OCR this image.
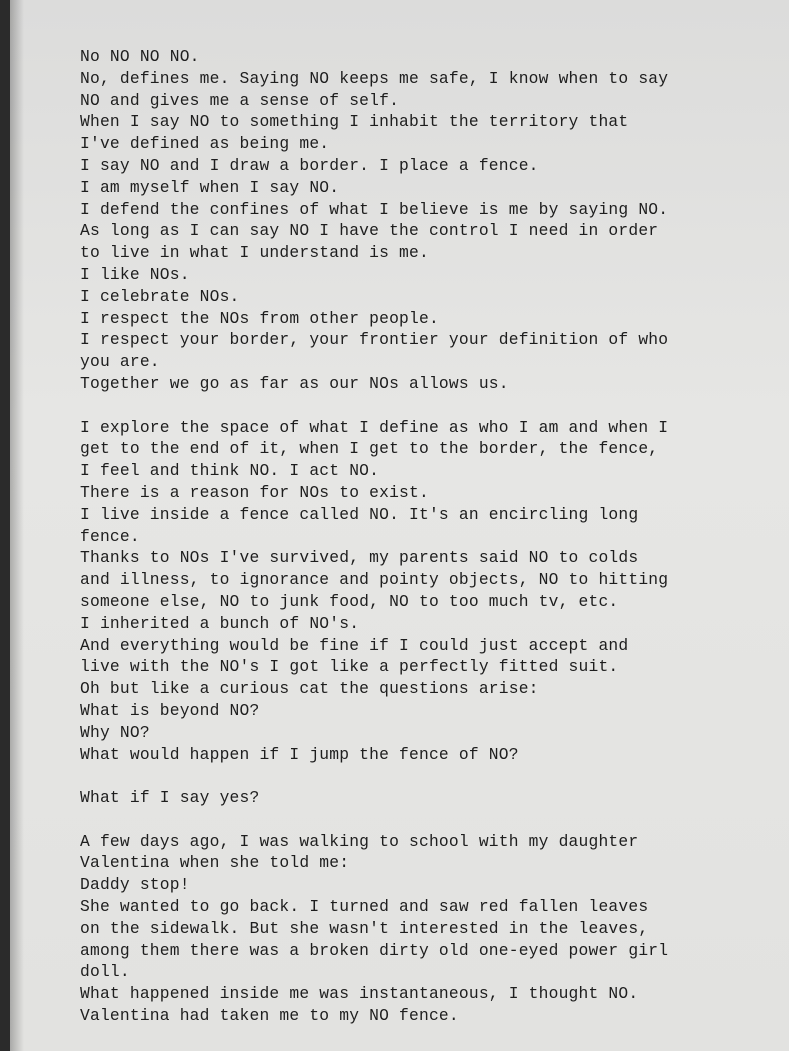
No NO NO NO.
No, defines me. Saying NO keeps me safe, I know when to say
NO and gives me a sense of self.
When I say NO to something I inhabit the territory that
I've defined as being me.
I say NO and I draw a border. I place a fence.
I am myself when I say NO.
I defend the confines of what I believe is me by saying NO.
As long as I can say NO I have the control I need in order
to live in what I understand is me.
I like NOs.
I celebrate NOs.
I respect the NOs from other people.
I respect your border, your frontier your definition of who
you are.
Together we go as far as our NOs allows us.
I explore the space of what I define as who I am and when I
get to the end of it, when I get to the border, the fence,
I feel and think NO. I act NO.
There is a reason for NOs to exist.
I live inside a fence called NO. It's an encircling long
fence.
Thanks to NOs I've survived, my parents said NO to colds
and illness, to ignorance and pointy objects, NO to hitting
someone else, NO to junk food, NO to too much tv, etc.
I inherited a bunch of NO's.
And everything would be fine if I could just accept and
live with the NO's I got like a perfectly fitted suit.
Oh but like a curious cat the questions arise:
What is beyond NO?
Why NO?
What would happen if I jump the fence of NO?
What if I say yes?
A few days ago, I was walking to school with my daughter
Valentina when she told me:
Daddy stop!
She wanted to go back. I turned and saw red fallen leaves
on the sidewalk. But she wasn't interested in the leaves,
among them there was a broken dirty old one-eyed power girl
doll.
What happened inside me was instantaneous, I thought NO.
Valentina had taken me to my NO fence.
